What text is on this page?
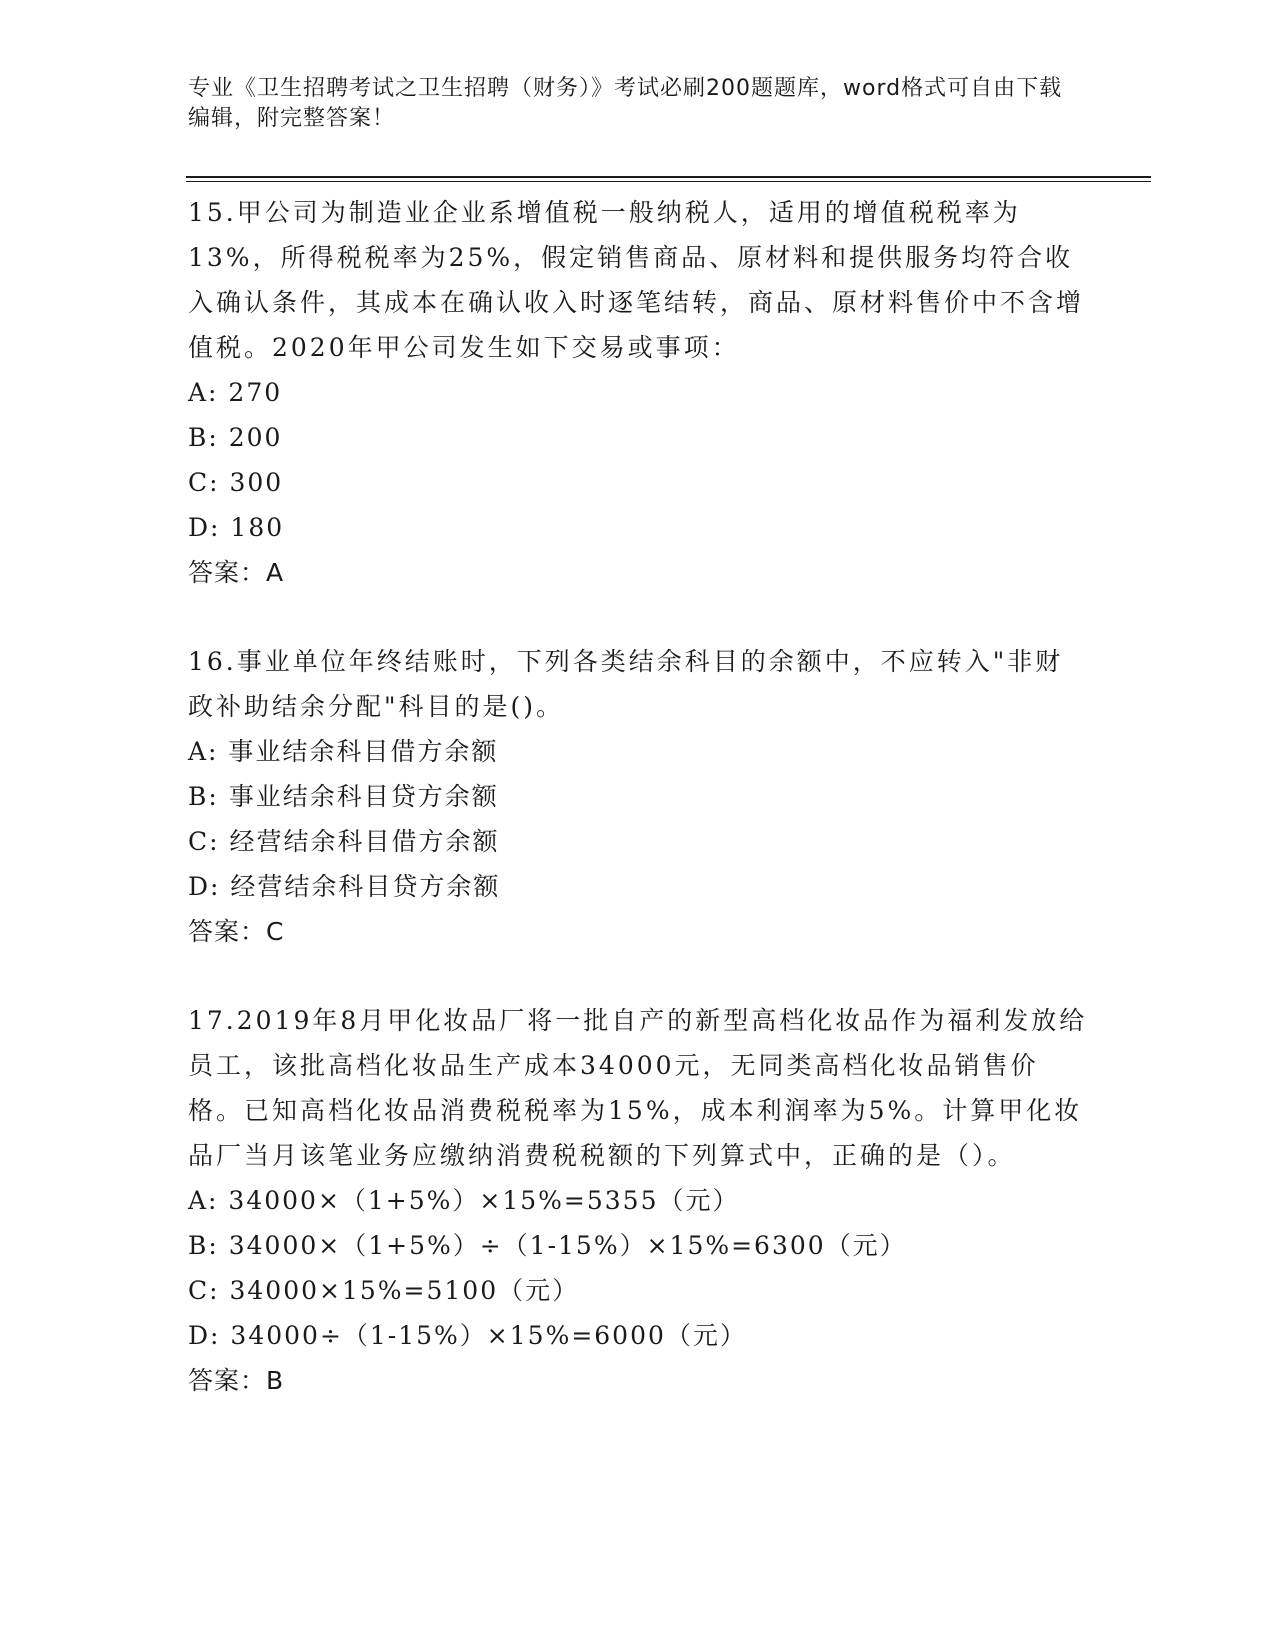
专业《卫生招聘考试之卫生招聘（财务）》考试必刷200题题库，word格式可自由下载编辑，附完整答案！

15.甲公司为制造业企业系增值税一般纳税人，适用的增值税税率为13%，所得税税率为25%，假定销售商品、原材料和提供服务均符合收入确认条件，其成本在确认收入时逐笔结转，商品、原材料售价中不含增值税。2020年甲公司发生如下交易或事项：

A: 270
B: 200
C: 300
D: 180
答案：A

16.事业单位年终结账时，下列各类结余科目的余额中，不应转入"非财政补助结余分配"科目的是()。

A: 事业结余科目借方余额
B: 事业结余科目贷方余额
C: 经营结余科目借方余额
D: 经营结余科目贷方余额
答案：C

17.2019年8月甲化妆品厂将一批自产的新型高档化妆品作为福利发放给员工，该批高档化妆品生产成本34000元，无同类高档化妆品销售价格。已知高档化妆品消费税税率为15%，成本利润率为5%。计算甲化妆品厂当月该笔业务应缴纳消费税税额的下列算式中，正确的是（）。

A: 34000×（1+5%）×15%=5355（元）
B: 34000×（1+5%）÷（1-15%）×15%=6300（元）
C: 34000×15%=5100（元）
D: 34000÷（1-15%）×15%=6000（元）
答案：B
